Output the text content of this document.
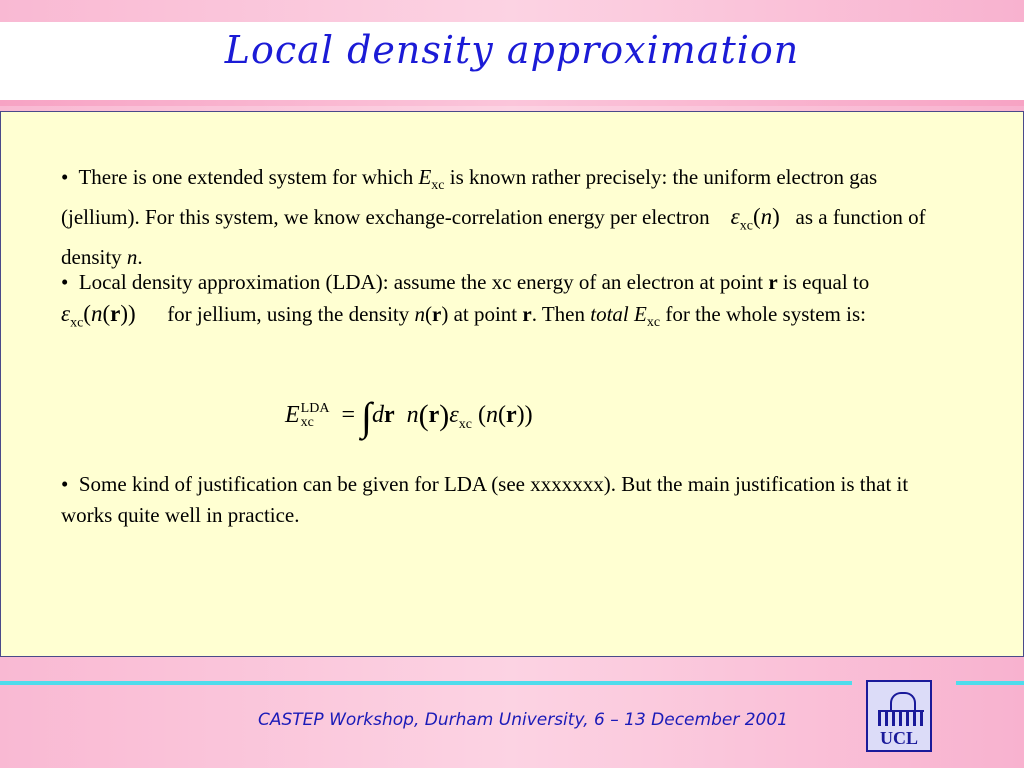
Local density approximation
•  There is one extended system for which $E_{xc}$ is known rather precisely: the uniform electron gas (jellium). For this system, we know exchange-correlation energy per electron $\varepsilon_{xc}(n)$ as a function of density n.
•  Local density approximation (LDA): assume the xc energy of an electron at point r is equal to      $\varepsilon_{xc}(n(r))$ for jellium, using the density n(r) at point r. Then total $E_{xc}$ for the whole system is:
E LDA
xc	= ∫dr $n(r)\varepsilon_{xc}$ (n(r))
•  Some kind of justification can be given for LDA (see xxxxxxx). But the main justification is that it works quite well in practice.
CASTEP Workshop, Durham University, 6 – 13 December 2001
UCL
